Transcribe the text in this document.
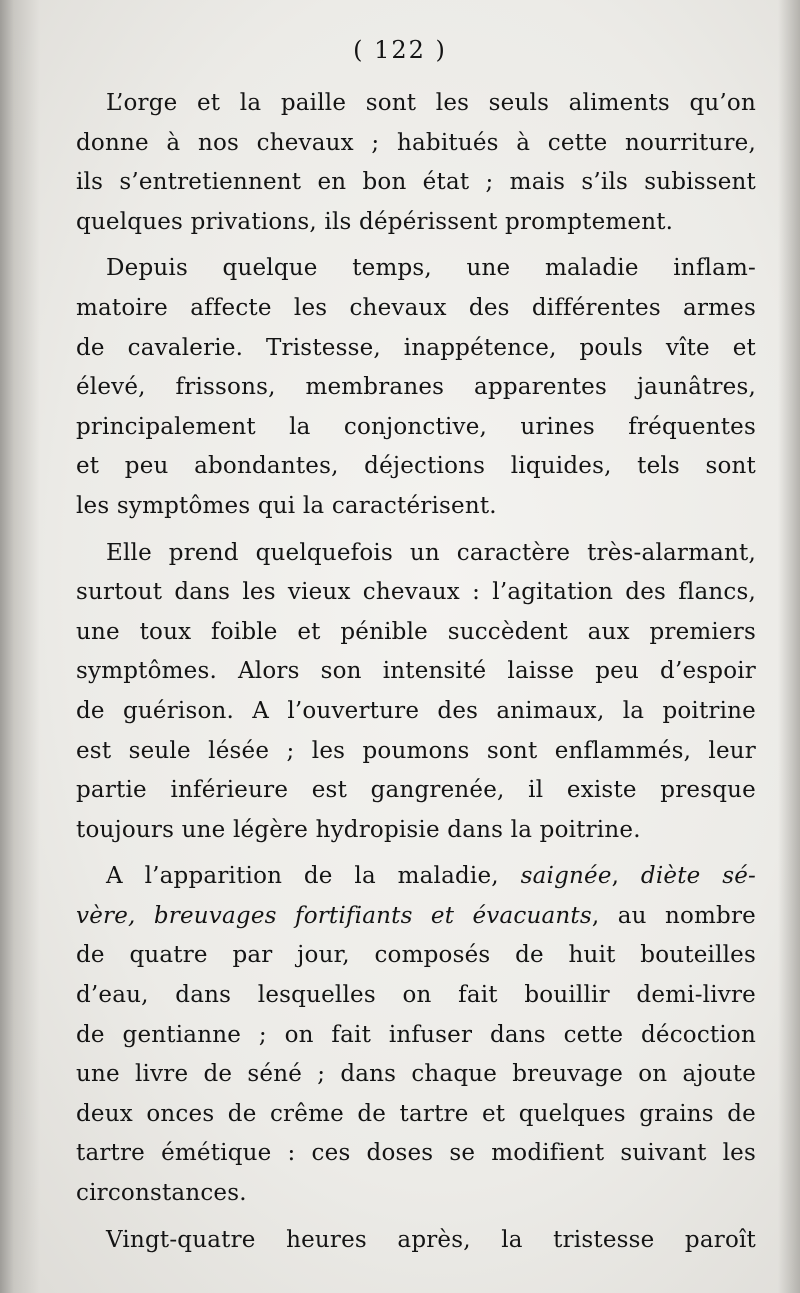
( 122 )

L’orge et la paille sont les seuls aliments qu’on
donne à nos chevaux ; habitués à cette nourriture,
ils s’entretiennent en bon état ; mais s’ils subissent
quelques privations, ils dépérissent promptement.

Depuis quelque temps, une maladie inflam-
matoire affecte les chevaux des différentes armes
de cavalerie. Tristesse, inappétence, pouls vîte et
élevé, frissons, membranes apparentes jaunâtres,
principalement la conjonctive, urines fréquentes
et peu abondantes, déjections liquides, tels sont
les symptômes qui la caractérisent.

Elle prend quelquefois un caractère très-alarmant,
surtout dans les vieux chevaux : l’agitation des flancs,
une toux foible et pénible succèdent aux premiers
symptômes. Alors son intensité laisse peu d’espoir
de guérison. A l’ouverture des animaux, la poitrine
est seule lésée ; les poumons sont enflammés, leur
partie inférieure est gangrenée, il existe presque
toujours une légère hydropisie dans la poitrine.

A l’apparition de la maladie, saignée, diète sé-
vère, breuvages fortifiants et évacuants, au nombre
de quatre par jour, composés de huit bouteilles
d’eau, dans lesquelles on fait bouillir demi-livre
de gentianne ; on fait infuser dans cette décoction
une livre de séné ; dans chaque breuvage on ajoute
deux onces de crême de tartre et quelques grains de
tartre émétique : ces doses se modifient suivant les
circonstances.

Vingt-quatre heures après, la tristesse paroît
